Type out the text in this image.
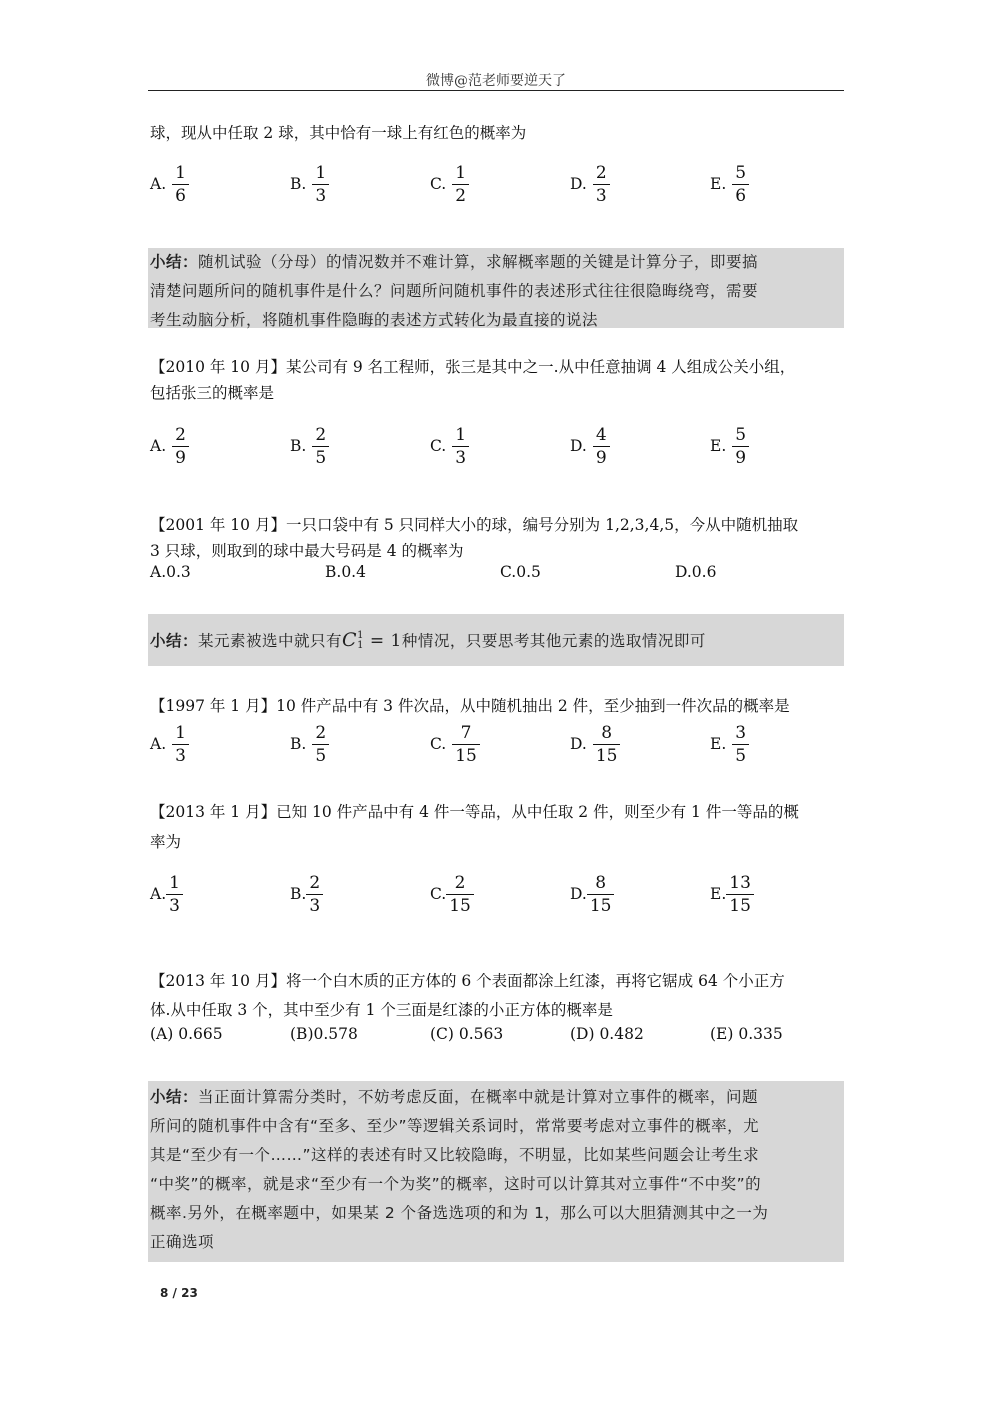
微博@范老师要逆天了
球，现从中任取 2 球，其中恰有一球上有红色的概率为
A. $\frac{1}{6}$	B. $\frac{1}{3}$	C. $\frac{1}{2}$	D. $\frac{2}{3}$	E. $\frac{5}{6}$
小结：随机试验（分母）的情况数并不难计算，求解概率题的关键是计算分子，即要搞
清楚问题所问的随机事件是什么？问题所问随机事件的表述形式往往很隐晦绕弯，需要
考生动脑分析，将随机事件隐晦的表述方式转化为最直接的说法
【2010 年 10 月】某公司有 9 名工程师，张三是其中之一.从中任意抽调 4 人组成公关小组，
包括张三的概率是
A. $\frac{2}{9}$	B. $\frac{2}{5}$	C. $\frac{1}{3}$	D. $\frac{4}{9}$	E. $\frac{5}{9}$
【2001 年 10 月】一只口袋中有 5 只同样大小的球，编号分别为 1,2,3,4,5，今从中随机抽取
3 只球，则取到的球中最大号码是 4 的概率为
A.0.3	B.0.4	C.0.5	D.0.6
小结：某元素被选中就只有C 1
1 = 1种情况，只要思考其他元素的选取情况即可
【1997 年 1 月】10 件产品中有 3 件次品，从中随机抽出 2 件，至少抽到一件次品的概率是
A. $\frac{1}{3}$	B. $\frac{2}{5}$	C. $\frac{7}{15}$	D. $\frac{8}{15}$	E. $\frac{3}{5}$
【2013 年 1 月】已知 10 件产品中有 4 件一等品，从中任取 2 件，则至少有 1 件一等品的概
率为
A. $\frac{1}{3}$	B. $\frac{2}{3}$	C. $\frac{2}{15}$	D. $\frac{8}{15}$	E. $\frac{13}{15}$
【2013 年 10 月】将一个白木质的正方体的 6 个表面都涂上红漆，再将它锯成 64 个小正方
体.从中任取 3 个，其中至少有 1 个三面是红漆的小正方体的概率是
(A) 0.665	(B)0.578	(C) 0.563	(D) 0.482	(E) 0.335
小结：当正面计算需分类时，不妨考虑反面，在概率中就是计算对立事件的概率，问题
所问的随机事件中含有“至多、至少”等逻辑关系词时，常常要考虑对立事件的概率，尤
其是“至少有一个……”这样的表述有时又比较隐晦，不明显，比如某些问题会让考生求
“中奖”的概率，就是求“至少有一个为奖”的概率，这时可以计算其对立事件“不中奖”的
概率.另外，在概率题中，如果某 2 个备选选项的和为 1，那么可以大胆猜测其中之一为
正确选项
8 / 23
